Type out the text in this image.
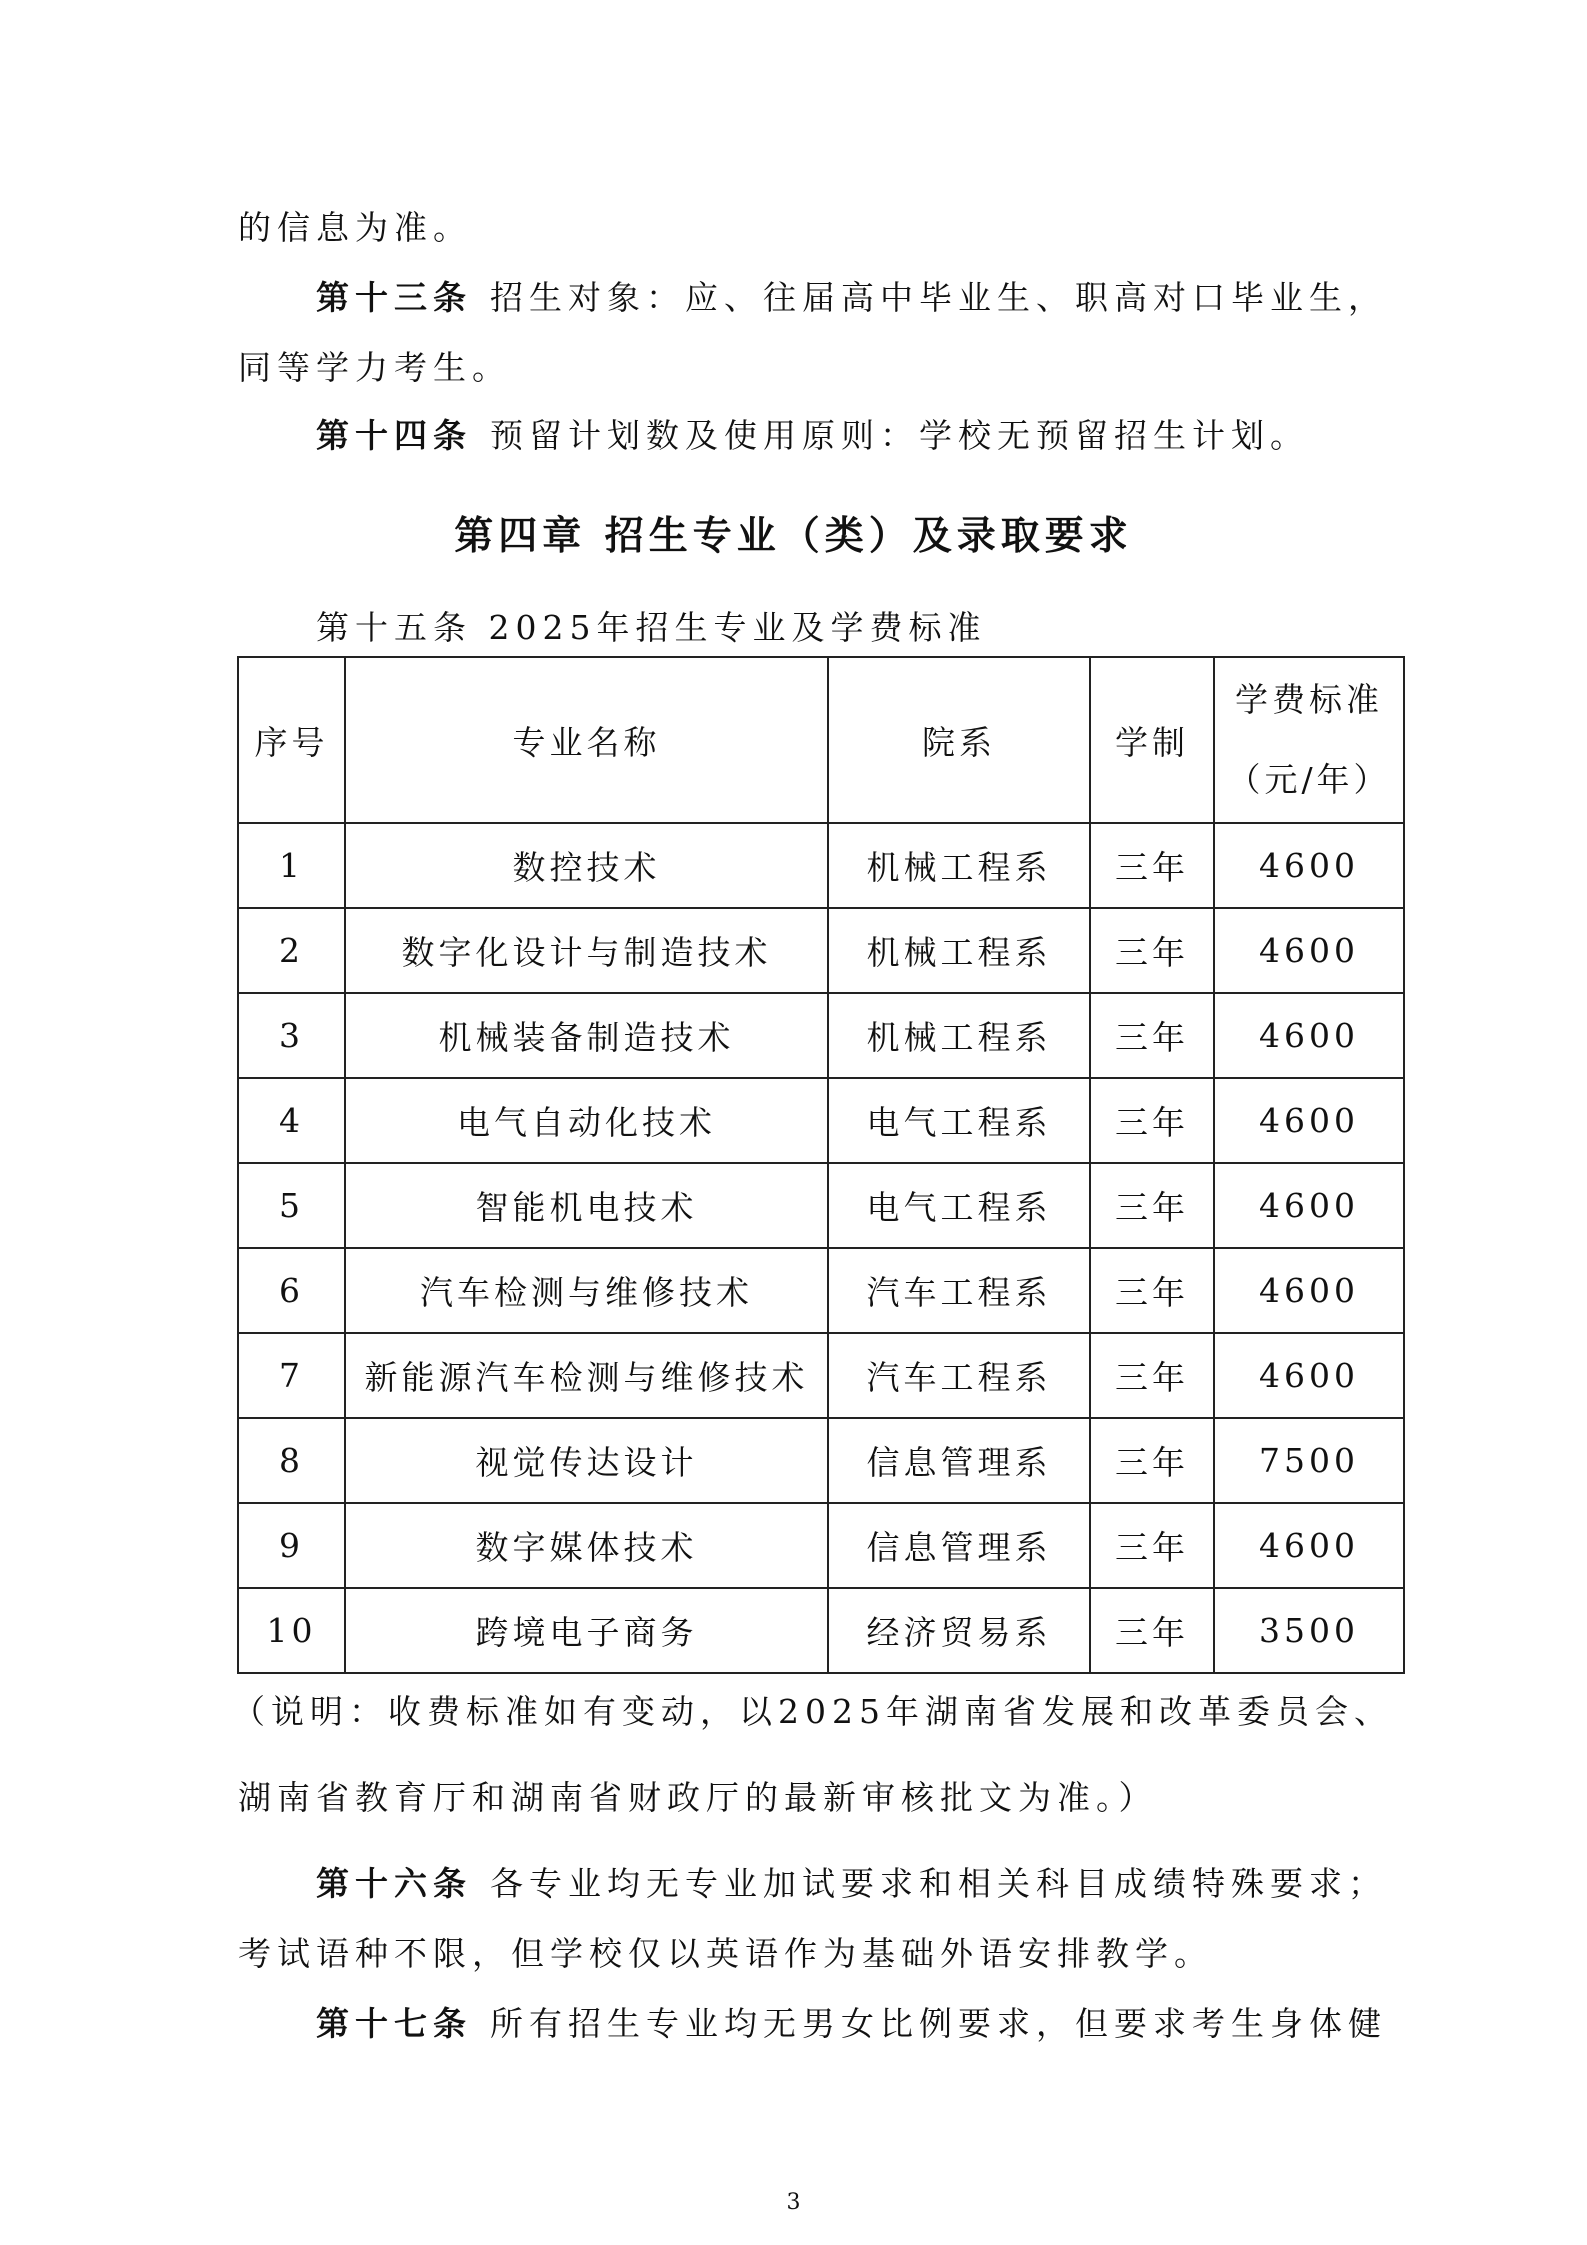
的信息为准。
第十三条 招生对象：应、往届高中毕业生、职高对口毕业生，
同等学力考生。
第十四条 预留计划数及使用原则：学校无预留招生计划。
第四章 招生专业（类）及录取要求
第十五条 2025年招生专业及学费标准
序号	专业名称	院系	学制	学费标准
（元/年）

1	数控技术	机械工程系	三年	4600
2	数字化设计与制造技术	机械工程系	三年	4600
3	机械装备制造技术	机械工程系	三年	4600
4	电气自动化技术	电气工程系	三年	4600
5	智能机电技术	电气工程系	三年	4600
6	汽车检测与维修技术	汽车工程系	三年	4600
7	新能源汽车检测与维修技术	汽车工程系	三年	4600
8	视觉传达设计	信息管理系	三年	7500
9	数字媒体技术	信息管理系	三年	4600
10	跨境电子商务	经济贸易系	三年	3500
（说明：收费标准如有变动，以2025年湖南省发展和改革委员会、
湖南省教育厅和湖南省财政厅的最新审核批文为准。）
第十六条 各专业均无专业加试要求和相关科目成绩特殊要求；
考试语种不限，但学校仅以英语作为基础外语安排教学。
第十七条 所有招生专业均无男女比例要求，但要求考生身体健
3
